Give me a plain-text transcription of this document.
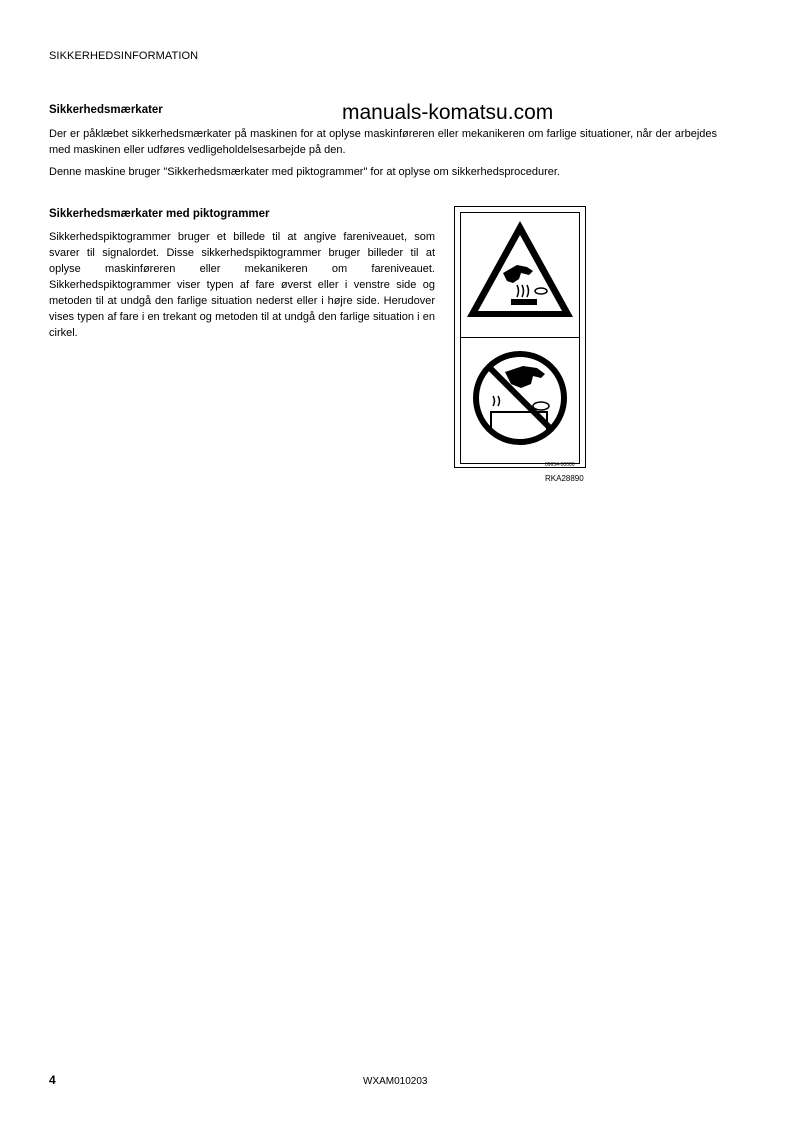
SIKKERHEDSINFORMATION
manuals-komatsu.com
Sikkerhedsmærkater

Der er påklæbet sikkerhedsmærkater på maskinen for at oplyse maskinføreren eller mekanikeren om farlige situationer, når der arbejdes med maskinen eller udføres vedligeholdelsesarbejde på den.

Denne maskine bruger "Sikkerhedsmærkater med piktogrammer" for at oplyse om sikkerhedsprocedurer.

Sikkerhedsmærkater med piktogrammer

Sikkerhedspiktogrammer bruger et billede til at angive fareniveauet, som svarer til signalordet. Disse sikkerhedspiktogrammer bruger billeder til at oplyse maskinføreren eller mekanikeren om fareniveauet. Sikkerhedspiktogrammer viser typen af fare øverst eller i venstre side og metoden til at undgå den farlige situation nederst eller i højre side. Herudover vises typen af fare i en trekant og metoden til at undgå den farlige situation i en cirkel.

09654-00000
RKA28890
4	WXAM010203
